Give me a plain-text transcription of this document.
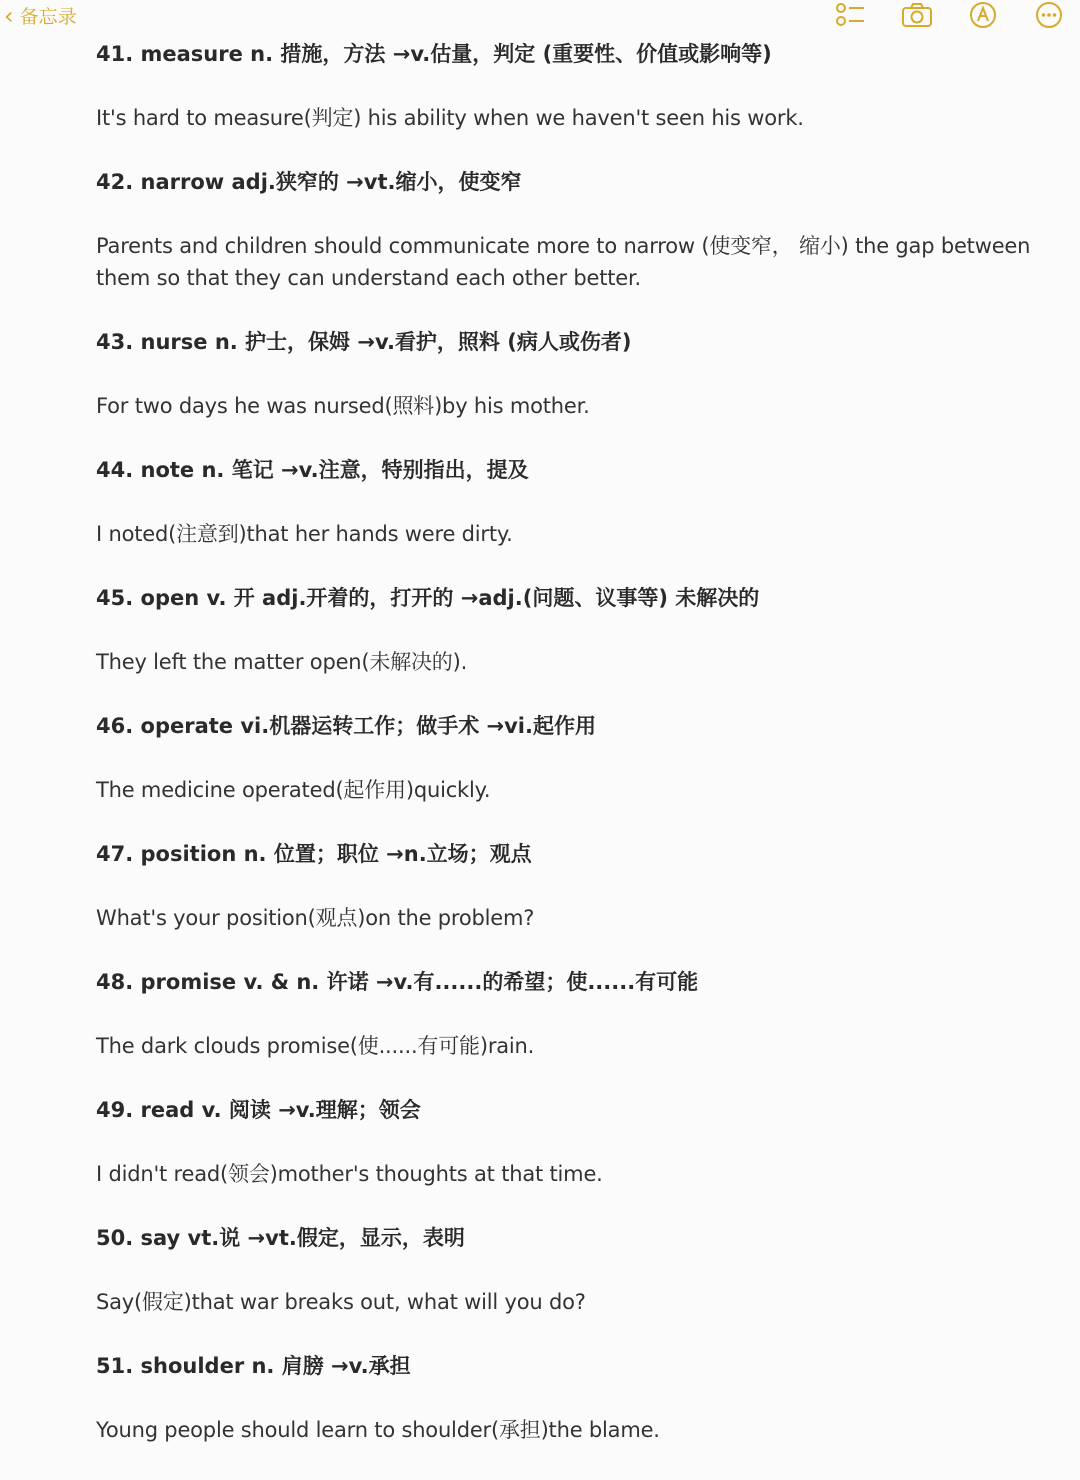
‹ 备忘录

41. measure n. 措施，方法 →v.估量，判定 (重要性、价值或影响等)

It's hard to measure(判定) his ability when we haven't seen his work.

42. narrow adj.狭窄的 →vt.缩小，使变窄

Parents and children should communicate more to narrow (使变窄， 缩小) the gap between them so that they can understand each other better.

43. nurse n. 护士，保姆 →v.看护，照料 (病人或伤者)

For two days he was nursed(照料)by his mother.

44. note n. 笔记 →v.注意，特别指出，提及

I noted(注意到)that her hands were dirty.

45. open v. 开 adj.开着的，打开的 →adj.(问题、议事等) 未解决的

They left the matter open(未解决的).

46. operate vi.机器运转工作；做手术 →vi.起作用

The medicine operated(起作用)quickly.

47. position n. 位置；职位 →n.立场；观点

What's your position(观点)on the problem?

48. promise v. & n. 许诺 →v.有......的希望；使......有可能

The dark clouds promise(使......有可能)rain.

49. read v. 阅读 →v.理解；领会

I didn't read(领会)mother's thoughts at that time.

50. say vt.说 →vt.假定，显示，表明

Say(假定)that war breaks out, what will you do?

51. shoulder n. 肩膀 →v.承担

Young people should learn to shoulder(承担)the blame.
